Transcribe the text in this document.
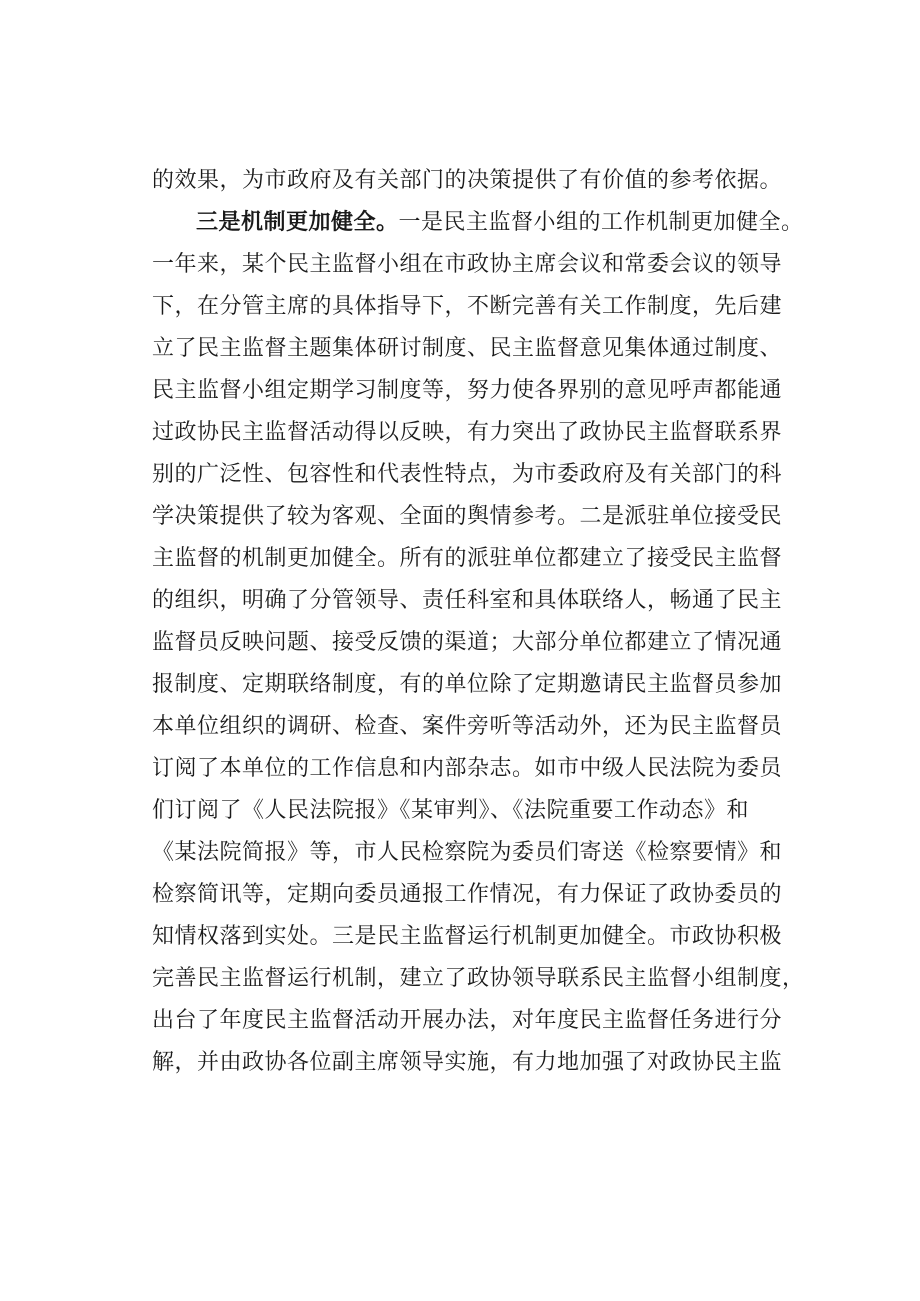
的效果，为市政府及有关部门的决策提供了有价值的参考依据。
三是机制更加健全。一是民主监督小组的工作机制更加健全。
一年来，某个民主监督小组在市政协主席会议和常委会议的领导
下，在分管主席的具体指导下，不断完善有关工作制度，先后建
立了民主监督主题集体研讨制度、民主监督意见集体通过制度、
民主监督小组定期学习制度等，努力使各界别的意见呼声都能通
过政协民主监督活动得以反映，有力突出了政协民主监督联系界
别的广泛性、包容性和代表性特点，为市委政府及有关部门的科
学决策提供了较为客观、全面的舆情参考。二是派驻单位接受民
主监督的机制更加健全。所有的派驻单位都建立了接受民主监督
的组织，明确了分管领导、责任科室和具体联络人，畅通了民主
监督员反映问题、接受反馈的渠道；大部分单位都建立了情况通
报制度、定期联络制度，有的单位除了定期邀请民主监督员参加
本单位组织的调研、检查、案件旁听等活动外，还为民主监督员
订阅了本单位的工作信息和内部杂志。如市中级人民法院为委员
们订阅了《人民法院报》《某审判》、《法院重要工作动态》和
《某法院简报》等，市人民检察院为委员们寄送《检察要情》和
检察简讯等，定期向委员通报工作情况，有力保证了政协委员的
知情权落到实处。三是民主监督运行机制更加健全。市政协积极
完善民主监督运行机制，建立了政协领导联系民主监督小组制度，
出台了年度民主监督活动开展办法，对年度民主监督任务进行分
解，并由政协各位副主席领导实施，有力地加强了对政协民主监
